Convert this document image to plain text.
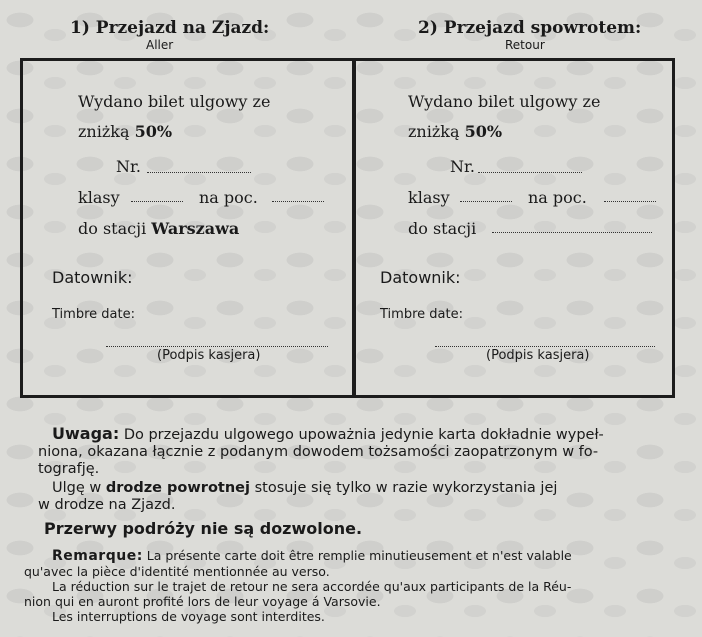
1) Przejazd na Zjazd:
Aller
2) Przejazd spowrotem:
Retour
Wydano bilet ulgowy ze
zniżką 50%
Nr.
klasy	na poc.
do stacji Warszawa
Datownik:
Timbre date:
(Podpis kasjera)
Wydano bilet ulgowy ze
zniżką 50%
Nr.
klasy	na poc.
do stacji
Datownik:
Timbre date:
(Podpis kasjera)
Uwaga: Do przejazdu ulgowego upoważnia jedynie karta dokładnie wypeł-
niona, okazana łącznie z podanym dowodem tożsamości zaopatrzonym w fo-
tografję.
Ulgę w drodze powrotnej stosuje się tylko w razie wykorzystania jej
w drodze na Zjazd.
Przerwy podróży nie są dozwolone.
Remarque: La présente carte doit être remplie minutieusement et n'est valable
qu'avec la pièce d'identité mentionnée au verso.
La réduction sur le trajet de retour ne sera accordée qu'aux participants de la Réu-
nion qui en auront profité lors de leur voyage á Varsovie.
Les interruptions de voyage sont interdites.
